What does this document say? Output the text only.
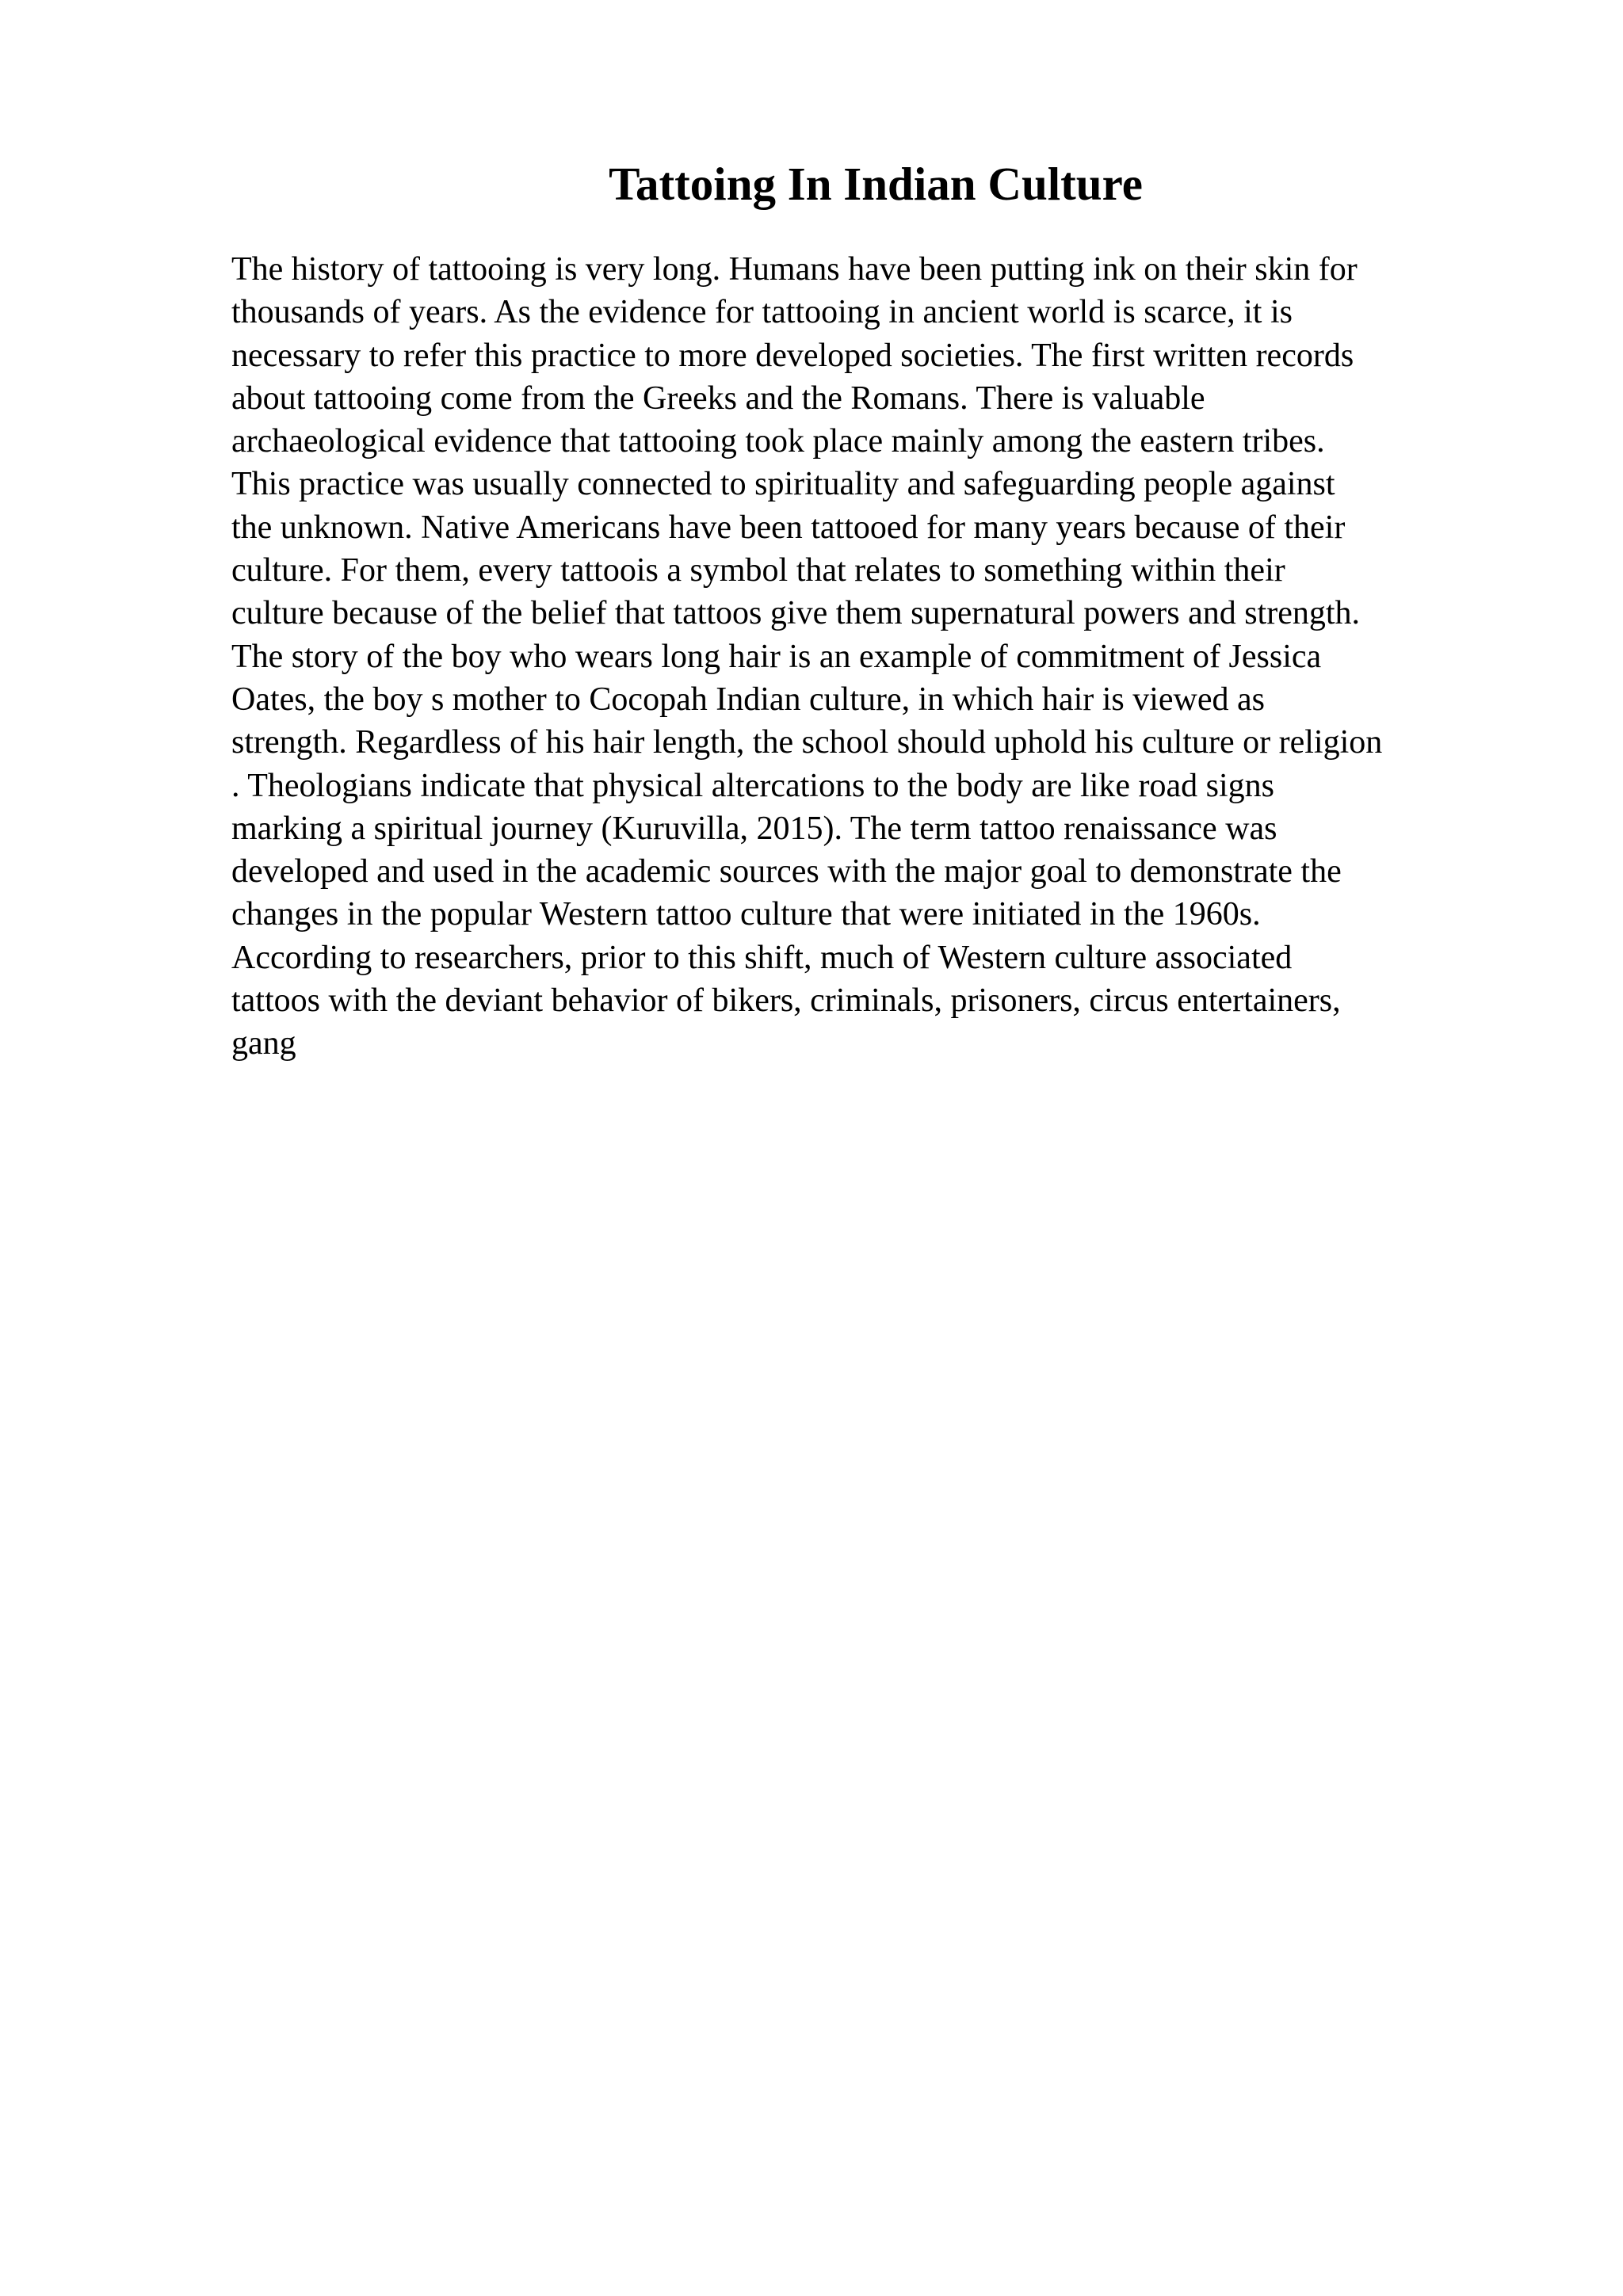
Tattoing In Indian Culture
The history of tattooing is very long. Humans have been putting ink on their skin for
thousands of years. As the evidence for tattooing in ancient world is scarce, it is
necessary to refer this practice to more developed societies. The first written records
about tattooing come from the Greeks and the Romans. There is valuable
archaeological evidence that tattooing took place mainly among the eastern tribes.
This practice was usually connected to spirituality and safeguarding people against
the unknown. Native Americans have been tattooed for many years because of their
culture. For them, every tattoois a symbol that relates to something within their
culture because of the belief that tattoos give them supernatural powers and strength.
The story of the boy who wears long hair is an example of commitment of Jessica
Oates, the boy s mother to Cocopah Indian culture, in which hair is viewed as
strength. Regardless of his hair length, the school should uphold his culture or religion
. Theologians indicate that physical altercations to the body are like road signs
marking a spiritual journey (Kuruvilla, 2015). The term tattoo renaissance was
developed and used in the academic sources with the major goal to demonstrate the
changes in the popular Western tattoo culture that were initiated in the 1960s.
According to researchers, prior to this shift, much of Western culture associated
tattoos with the deviant behavior of bikers, criminals, prisoners, circus entertainers,
gang
